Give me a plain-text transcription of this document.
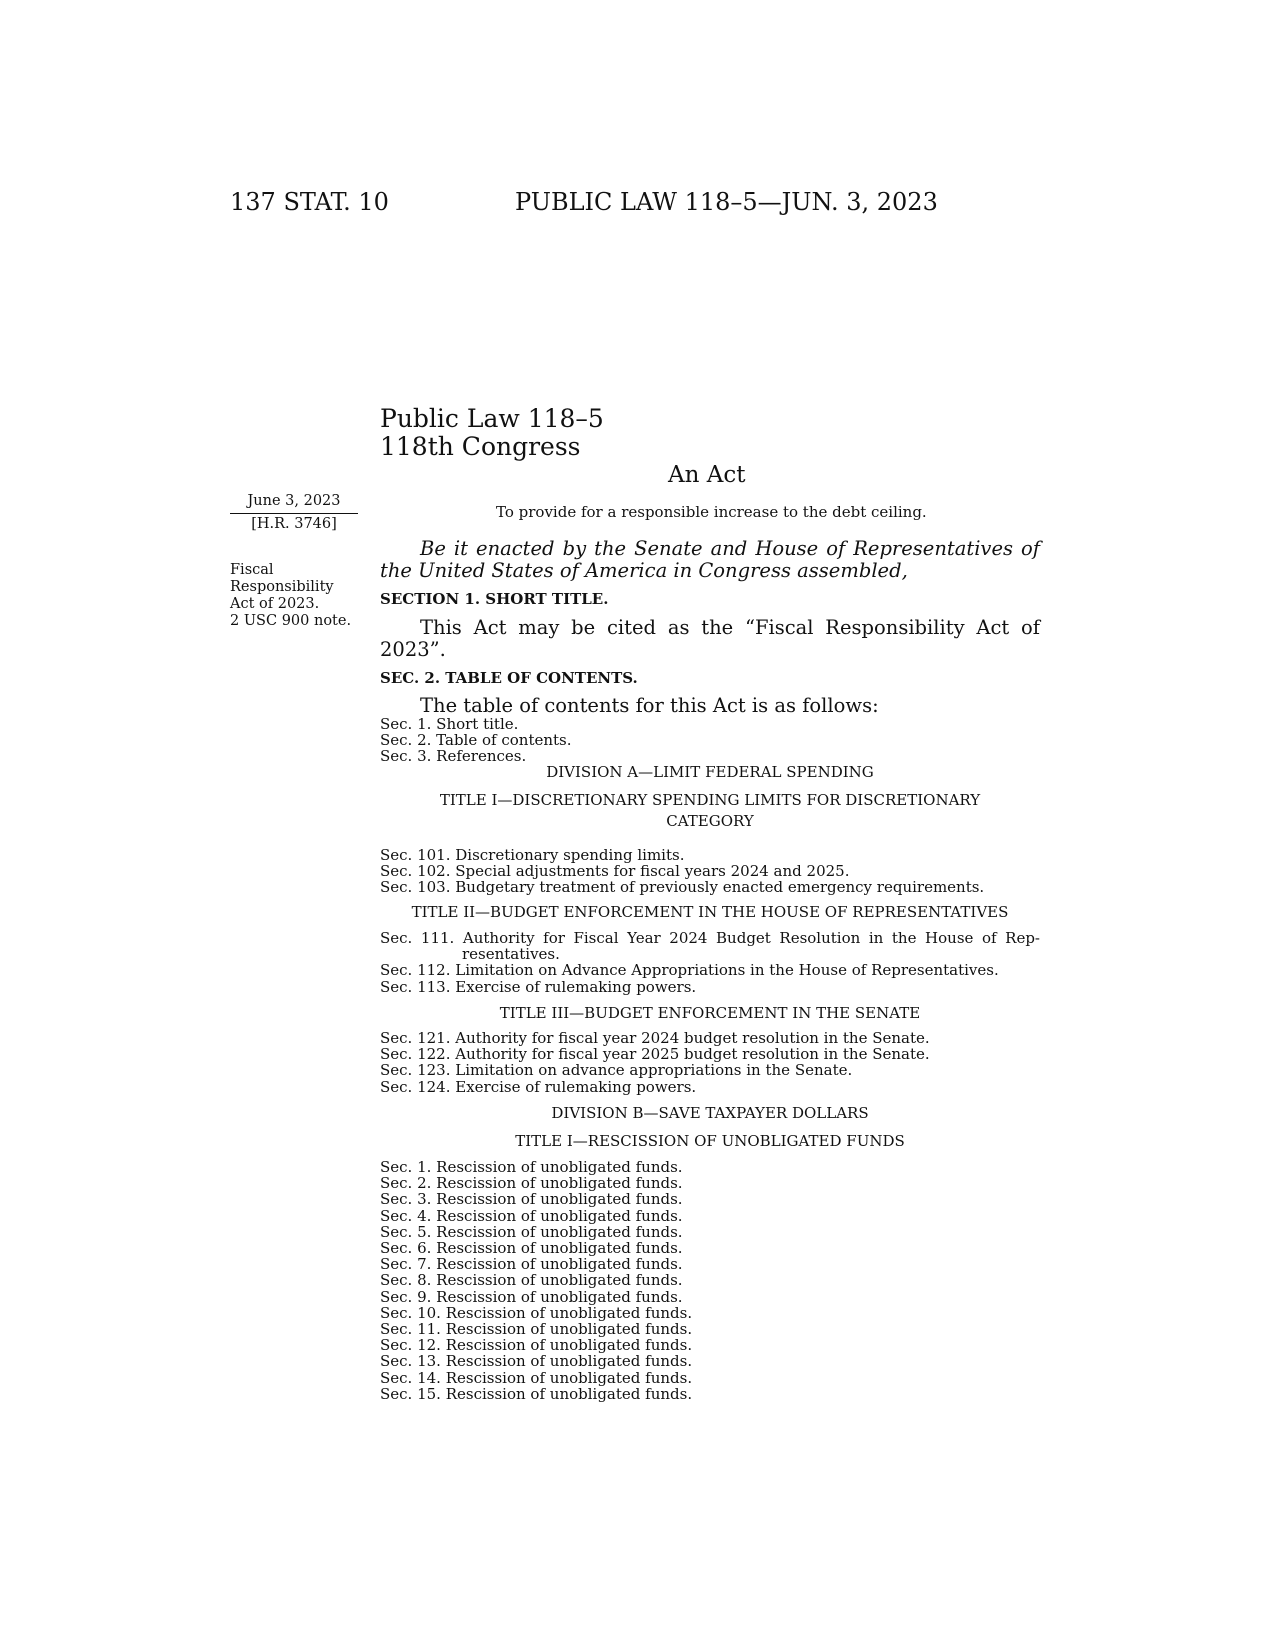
137 STAT. 10	PUBLIC LAW 118–5—JUN. 3, 2023
Public Law 118–5
118th Congress
An Act
June 3, 2023
[H.R. 3746]
Fiscal
Responsibility
Act of 2023.
2 USC 900 note.
To provide for a responsible increase to the debt ceiling.
Be it enacted by the Senate and House of Representatives of the United States of America in Congress assembled,
SECTION 1. SHORT TITLE.
This Act may be cited as the “Fiscal Responsibility Act of 2023”.
SEC. 2. TABLE OF CONTENTS.
The table of contents for this Act is as follows:
Sec. 1. Short title.
Sec. 2. Table of contents.
Sec. 3. References.
DIVISION A—LIMIT FEDERAL SPENDING
TITLE I—DISCRETIONARY SPENDING LIMITS FOR DISCRETIONARY
CATEGORY
Sec. 101. Discretionary spending limits.
Sec. 102. Special adjustments for fiscal years 2024 and 2025.
Sec. 103. Budgetary treatment of previously enacted emergency requirements.
TITLE II—BUDGET ENFORCEMENT IN THE HOUSE OF REPRESENTATIVES
Sec. 111. Authority for Fiscal Year 2024 Budget Resolution in the House of Rep- resentatives.
Sec. 112. Limitation on Advance Appropriations in the House of Representatives.
Sec. 113. Exercise of rulemaking powers.
TITLE III—BUDGET ENFORCEMENT IN THE SENATE
Sec. 121. Authority for fiscal year 2024 budget resolution in the Senate.
Sec. 122. Authority for fiscal year 2025 budget resolution in the Senate.
Sec. 123. Limitation on advance appropriations in the Senate.
Sec. 124. Exercise of rulemaking powers.
DIVISION B—SAVE TAXPAYER DOLLARS
TITLE I—RESCISSION OF UNOBLIGATED FUNDS
Sec. 1. Rescission of unobligated funds.
Sec. 2. Rescission of unobligated funds.
Sec. 3. Rescission of unobligated funds.
Sec. 4. Rescission of unobligated funds.
Sec. 5. Rescission of unobligated funds.
Sec. 6. Rescission of unobligated funds.
Sec. 7. Rescission of unobligated funds.
Sec. 8. Rescission of unobligated funds.
Sec. 9. Rescission of unobligated funds.
Sec. 10. Rescission of unobligated funds.
Sec. 11. Rescission of unobligated funds.
Sec. 12. Rescission of unobligated funds.
Sec. 13. Rescission of unobligated funds.
Sec. 14. Rescission of unobligated funds.
Sec. 15. Rescission of unobligated funds.
